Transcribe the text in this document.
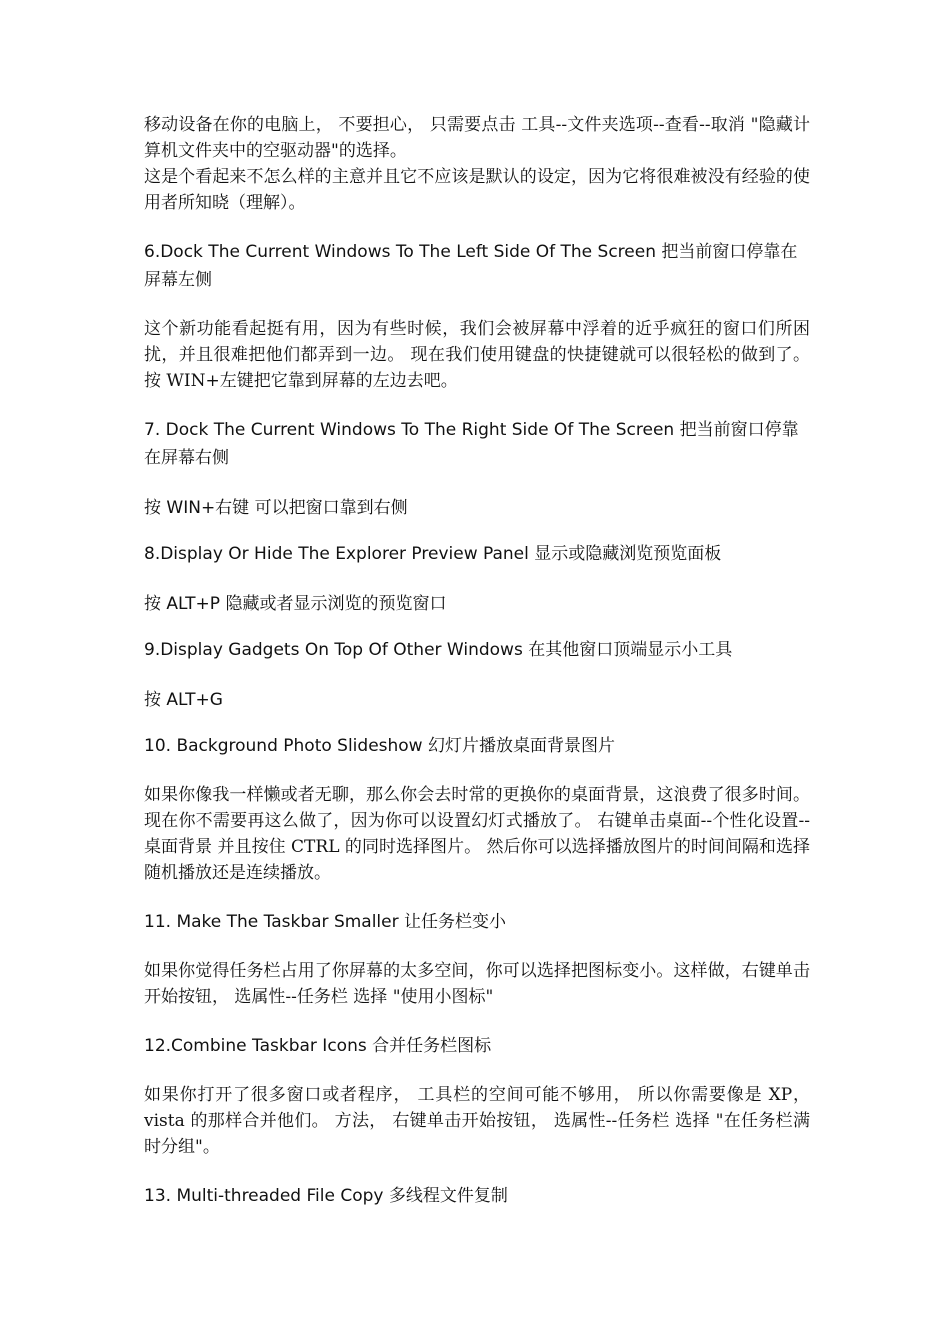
移动设备在你的电脑上， 不要担心， 只需要点击 工具--文件夹选项--查看--取消 "隐藏计算机文件夹中的空驱动器"的选择。

这是个看起来不怎么样的主意并且它不应该是默认的设定，因为它将很难被没有经验的使用者所知晓（理解）。

6.Dock The Current Windows To The Left Side Of The Screen 把当前窗口停靠在屏幕左侧

这个新功能看起挺有用，因为有些时候，我们会被屏幕中浮着的近乎疯狂的窗口们所困扰，并且很难把他们都弄到一边。 现在我们使用键盘的快捷键就可以很轻松的做到了。 按 WIN+左键把它靠到屏幕的左边去吧。

7. Dock The Current Windows To The Right Side Of The Screen 把当前窗口停靠在屏幕右侧

按 WIN+右键 可以把窗口靠到右侧

8.Display Or Hide The Explorer Preview Panel 显示或隐藏浏览预览面板

按 ALT+P 隐藏或者显示浏览的预览窗口

9.Display Gadgets On Top Of Other Windows 在其他窗口顶端显示小工具

按 ALT+G

10. Background Photo Slideshow 幻灯片播放桌面背景图片

如果你像我一样懒或者无聊，那么你会去时常的更换你的桌面背景，这浪费了很多时间。 现在你不需要再这么做了，因为你可以设置幻灯式播放了。 右键单击桌面--个性化设置--桌面背景 并且按住 CTRL 的同时选择图片。 然后你可以选择播放图片的时间间隔和选择随机播放还是连续播放。

11. Make The Taskbar Smaller 让任务栏变小

如果你觉得任务栏占用了你屏幕的太多空间，你可以选择把图标变小。这样做，右键单击开始按钮， 选属性--任务栏 选择 "使用小图标"

12.Combine Taskbar Icons 合并任务栏图标

如果你打开了很多窗口或者程序， 工具栏的空间可能不够用， 所以你需要像是 XP，vista 的那样合并他们。 方法， 右键单击开始按钮， 选属性--任务栏 选择 "在任务栏满时分组"。

13. Multi-threaded File Copy 多线程文件复制
